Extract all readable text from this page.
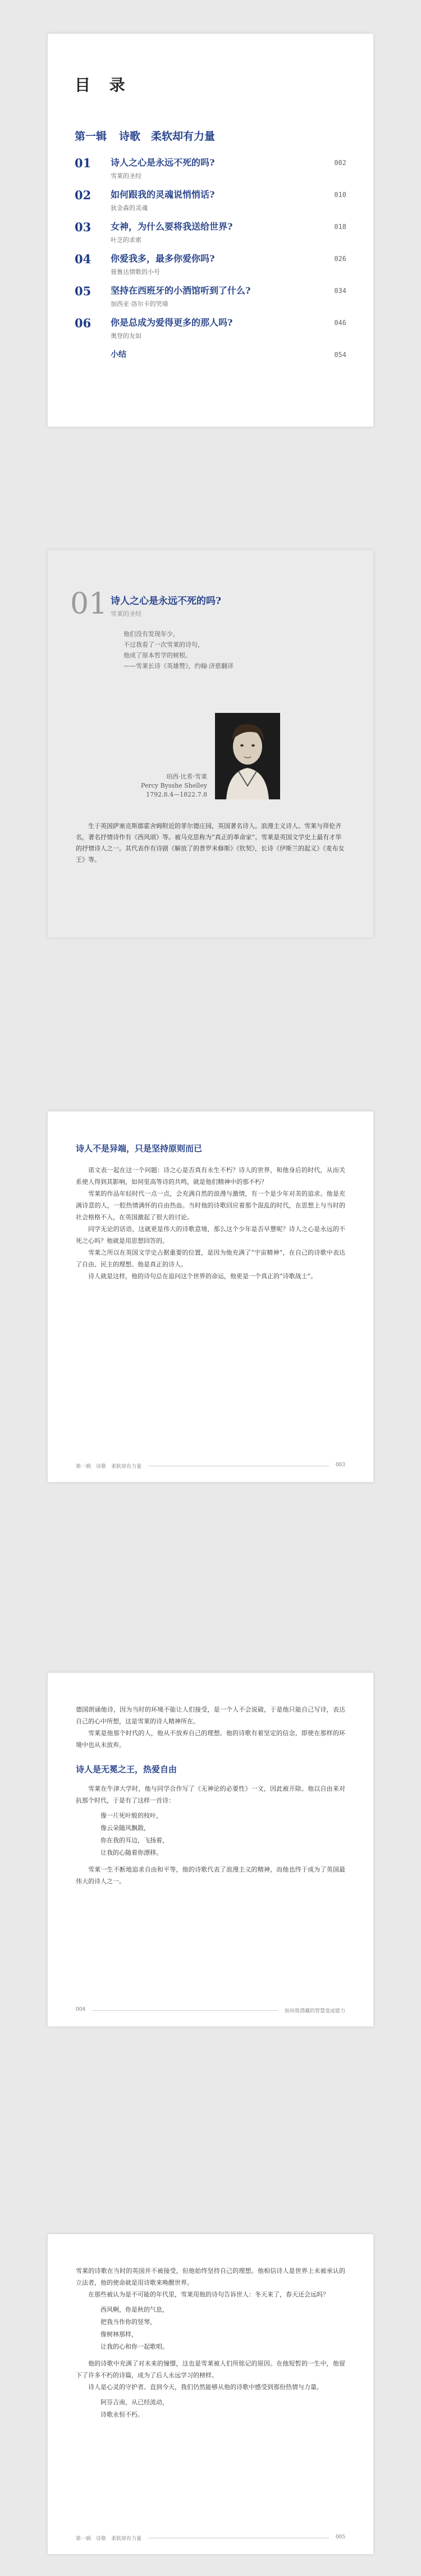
目 录
第一辑 诗歌　柔软却有力量
01	诗人之心是永远不死的吗?
雪莱的圣经
002
02	如何跟我的灵魂说悄悄话?
狄金森的灵魂
010
03	女神，为什么要将我送给世界?
叶芝的求索
018
04	你爱我多，最多你爱你吗?
聂鲁达情歌的小号
026
05	坚持在西班牙的小酒馆听到了什么?
加西亚·洛尔卡的哭墙
034
06	你是总成为爱得更多的那人吗?
奥登的友如
046
小结	054
01 诗人之心是永远不死的吗?
雪莱的圣经
他们没有发现年少，
不过我看了一次雪莱的诗句，
他成了原本哲学的树根。
——雪莱长诗《英雄赞》，约翰·济慈翻译
珀西·比希·雪莱
Percy Bysshe Shelley
1792.8.4—1822.7.8

生于英国萨塞克斯郡霍舍姆附近的菲尔德庄园，英国著名诗人。浪漫主义诗人。雪莱与拜伦齐名，著名抒情诗作有《西风颂》等。被马克思称为“真正的革命家”。雪莱是英国文学史上最有才华的抒情诗人之一。其代表作有诗剧《解放了的普罗米修斯》《钦契》，长诗《伊斯兰的起义》《麦布女王》等。

诗人不是异端，只是坚持原则而已

诺文表一起在这一个问题：诗之心是否真有永生不朽？诗人的世界，和他身后的时代，从而关系使人得到其影响，如何里高等诗的共鸣，就是他们精神中的那不朽？

雪莱的作品年轻时代一点一点，会充满自然的浪漫与激情，有一个是少年对美的追求。他是充满诗意的人，一腔热情满怀的自由热血。当时他的诗歌回应着那个混乱的时代，在思想上与当时的社会格格不入，在英国激起了很大的讨论。

同学无论的话语，这就更是伟大的诗歌意境，那么这个少年是否早慧呢？诗人之心是永远的不死之心吗？他就是用思想回答的。

雪莱之所以在英国文学史占据重要的位置，是因为他充满了“宇宙精神”，在自己的诗歌中表达了自由、民主的理想。他是真正的诗人。

诗人就是这样，他的诗句总在追问这个世界的命运，他更是一个真正的“诗歌战士”。

第一辑　诗歌　柔软却有力量	003

德国朗诵他诗，因为当时的环境不能让人们接受，是一个人不会说破，于是他只能自己写诗，表达自己的心中所想，这是雪莱的诗人精神所在。

雪莱是他那个时代的人，他从不放弃自己的理想。他的诗歌有着坚定的信念，即使在那样的环境中也从未放弃。

诗人是无冕之王，热爱自由

雪莱在牛津大学时，他与同学合作写了《无神论的必要性》一文，因此被开除。他以自由来对抗那个时代，于是有了这样一首诗：

像一片死叶般的枝叶，
像云朵随风飘散，
你在我的耳边，飞扬着，
让我的心随着你漂移。

雪莱一生不断地追求自由和平等，他的诗歌代表了浪漫主义的精神，而他也终于成为了英国最伟大的诗人之一。

004	如何将潜藏的智慧变成能力

雪莱的诗歌在当时的英国并不被接受，但他始终坚持自己的理想。他相信诗人是世界上未被承认的立法者，他的使命就是用诗歌来唤醒世界。

在那些被认为是不可能的年代里，雪莱用他的诗句告诉世人：冬天来了，春天还会远吗？

西风啊，你是秋的气息，
把我当作你的竖琴，
像树林那样，
让我的心和你一起歌唱。

他的诗歌中充满了对未来的憧憬，这也是雪莱被人们所铭记的原因。在他短暂的一生中，他留下了许多不朽的诗篇，成为了后人永远学习的榜样。

诗人是心灵的守护者。直到今天，我们仍然能够从他的诗歌中感受到那份热情与力量。

阿芬吉南，从已经流动，
诗歌永恒不朽。
第一辑　诗歌　柔软却有力量	005
